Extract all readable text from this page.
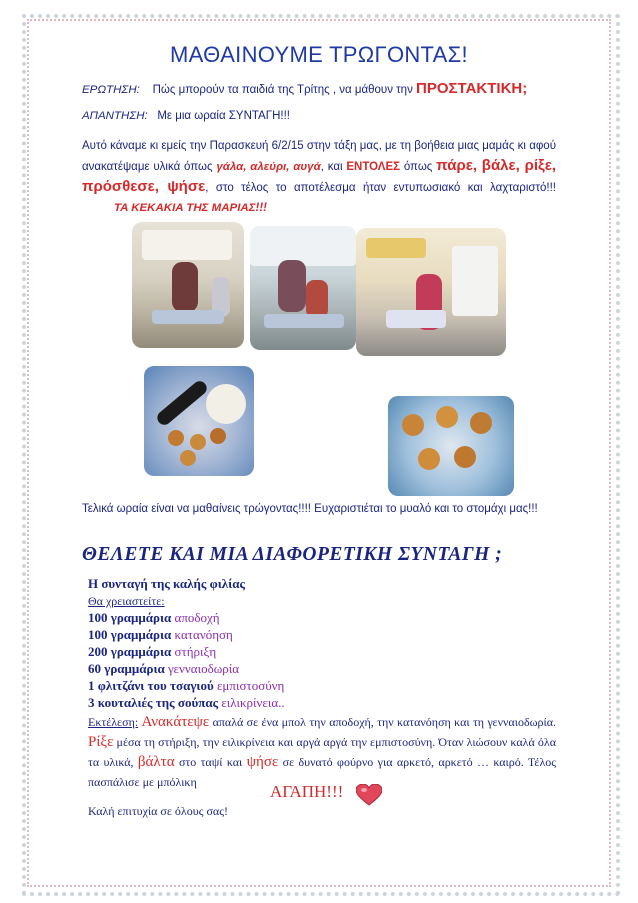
ΜΑΘΑΙΝΟΥΜΕ ΤΡΩΓΟΝΤΑΣ!
ΕΡΩΤΗΣΗ: Πώς μπορούν τα παιδιά της Τρίτης , να μάθουν την ΠΡΟΣΤΑΚΤΙΚΗ;
ΑΠΑΝΤΗΣΗ: Με μια ωραία ΣΥΝΤΑΓΗ!!!
Αυτό κάναμε κι εμείς την Παρασκευή 6/2/15 στην τάξη μας, με τη βοήθεια μιας μαμάς κι αφού ανακατέψαμε υλικά όπως γάλα, αλεύρι, αυγά, και ΕΝΤΟΛΕΣ όπως πάρε, βάλε, ρίξε, πρόσθεσε, ψήσε, στο τέλος το αποτέλεσμα ήταν εντυπωσιακό και λαχταριστό!!!           ΤΑ ΚΕΚΑΚΙΑ ΤΗΣ ΜΑΡΙΑΣ!!!
Τελικά ωραία είναι να μαθαίνεις τρώγοντας!!!! Ευχαριστιέται το μυαλό και το στομάχι μας!!!
ΘΕΛΕΤΕ ΚΑΙ ΜΙΑ ΔΙΑΦΟΡΕΤΙΚΗ ΣΥΝΤΑΓΗ ;
Η συνταγή της καλής φιλίας
Θα χρειαστείτε:
100 γραμμάρια αποδοχή
100 γραμμάρια κατανόηση
200 γραμμάρια στήριξη
60 γραμμάρια γενναιοδωρία
1 φλιτζάνι του τσαγιού εμπιστοσύνη
3 κουταλιές της σούπας ειλικρίνεια..
Εκτέλεση: Ανακάτεψε απαλά σε ένα μπολ την αποδοχή, την κατανόηση και τη γενναιοδωρία. Ρίξε μέσα τη στήριξη, την ειλικρίνεια και αργά αργά την εμπιστοσύνη. Όταν λιώσουν καλά όλα τα υλικά, βάλτα στο ταψί και ψήσε σε δυνατό φούρνο για αρκετό, αρκετό … καιρό. Τέλος πασπάλισε με μπόλικη	ΑΓΑΠΗ!!!
Καλή επιτυχία σε όλους σας!
